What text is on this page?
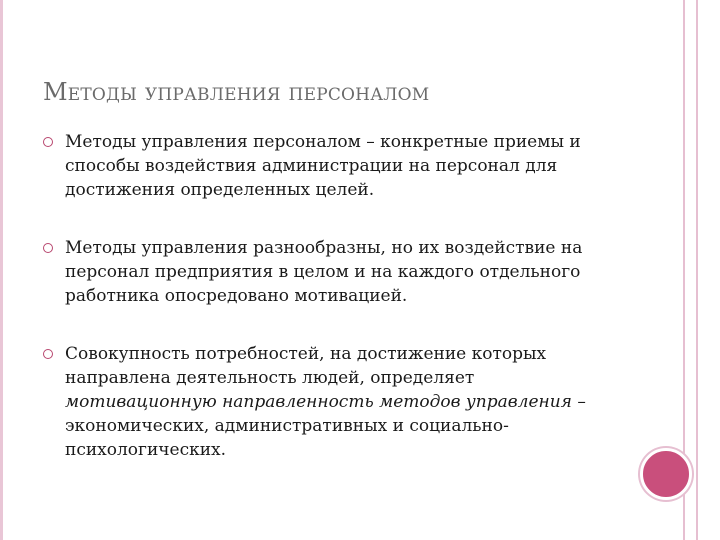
Методы управления персоналом
Методы управления персоналом – конкретные приемы и способы воздействия администрации на персонал для достижения определенных целей.
Методы управления разнообразны, но их воздействие на персонал предприятия в целом и на каждого отдельного работника опосредовано мотивацией.
Совокупность потребностей, на достижение которых направлена деятельность людей, определяет мотивационную направленность методов управления – экономических, административных и социально-психологических.
